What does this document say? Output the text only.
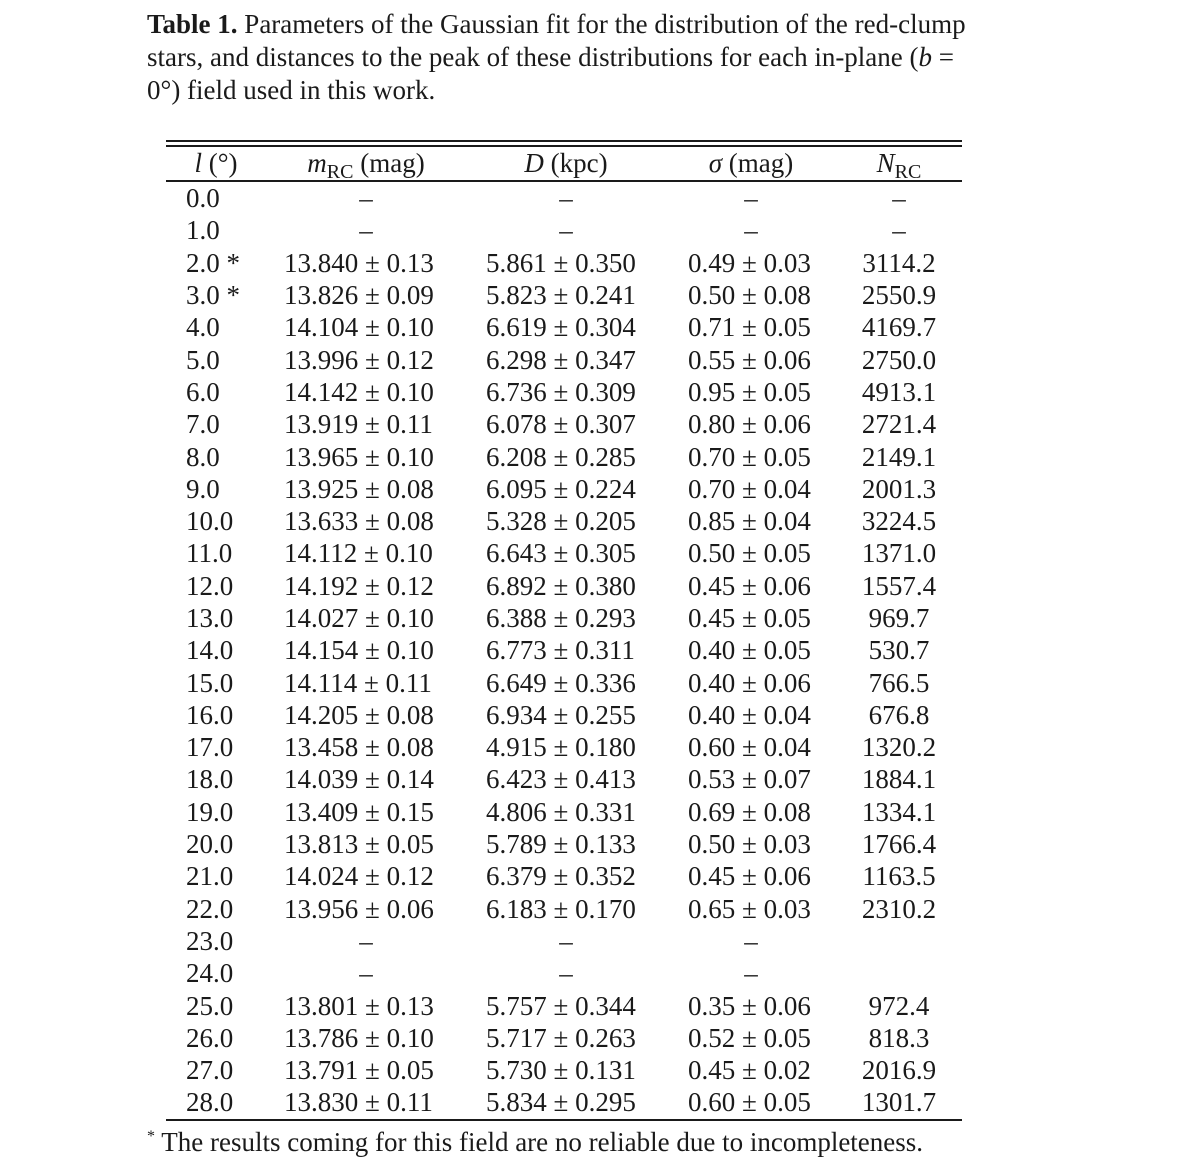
Table 1. Parameters of the Gaussian fit for the distribution of the red-clump stars, and distances to the peak of these distributions for each in-plane (b = 0°) field used in this work.
l (°)	$m_{RC}$ (mag)	D (kpc)	σ (mag)	$N_{RC}$
0.0	–	–	–	–
1.0	–	–	–	–
2.0 *	13.840 ± 0.13	5.861 ± 0.350	0.49 ± 0.03	3114.2
3.0 *	13.826 ± 0.09	5.823 ± 0.241	0.50 ± 0.08	2550.9
4.0	14.104 ± 0.10	6.619 ± 0.304	0.71 ± 0.05	4169.7
5.0	13.996 ± 0.12	6.298 ± 0.347	0.55 ± 0.06	2750.0
6.0	14.142 ± 0.10	6.736 ± 0.309	0.95 ± 0.05	4913.1
7.0	13.919 ± 0.11	6.078 ± 0.307	0.80 ± 0.06	2721.4
8.0	13.965 ± 0.10	6.208 ± 0.285	0.70 ± 0.05	2149.1
9.0	13.925 ± 0.08	6.095 ± 0.224	0.70 ± 0.04	2001.3
10.0	13.633 ± 0.08	5.328 ± 0.205	0.85 ± 0.04	3224.5
11.0	14.112 ± 0.10	6.643 ± 0.305	0.50 ± 0.05	1371.0
12.0	14.192 ± 0.12	6.892 ± 0.380	0.45 ± 0.06	1557.4
13.0	14.027 ± 0.10	6.388 ± 0.293	0.45 ± 0.05	969.7
14.0	14.154 ± 0.10	6.773 ± 0.311	0.40 ± 0.05	530.7
15.0	14.114 ± 0.11	6.649 ± 0.336	0.40 ± 0.06	766.5
16.0	14.205 ± 0.08	6.934 ± 0.255	0.40 ± 0.04	676.8
17.0	13.458 ± 0.08	4.915 ± 0.180	0.60 ± 0.04	1320.2
18.0	14.039 ± 0.14	6.423 ± 0.413	0.53 ± 0.07	1884.1
19.0	13.409 ± 0.15	4.806 ± 0.331	0.69 ± 0.08	1334.1
20.0	13.813 ± 0.05	5.789 ± 0.133	0.50 ± 0.03	1766.4
21.0	14.024 ± 0.12	6.379 ± 0.352	0.45 ± 0.06	1163.5
22.0	13.956 ± 0.06	6.183 ± 0.170	0.65 ± 0.03	2310.2
23.0	–	–	–	
24.0	–	–	–	
25.0	13.801 ± 0.13	5.757 ± 0.344	0.35 ± 0.06	972.4
26.0	13.786 ± 0.10	5.717 ± 0.263	0.52 ± 0.05	818.3
27.0	13.791 ± 0.05	5.730 ± 0.131	0.45 ± 0.02	2016.9
28.0	13.830 ± 0.11	5.834 ± 0.295	0.60 ± 0.05	1301.7
* The results coming for this field are no reliable due to incompleteness.
